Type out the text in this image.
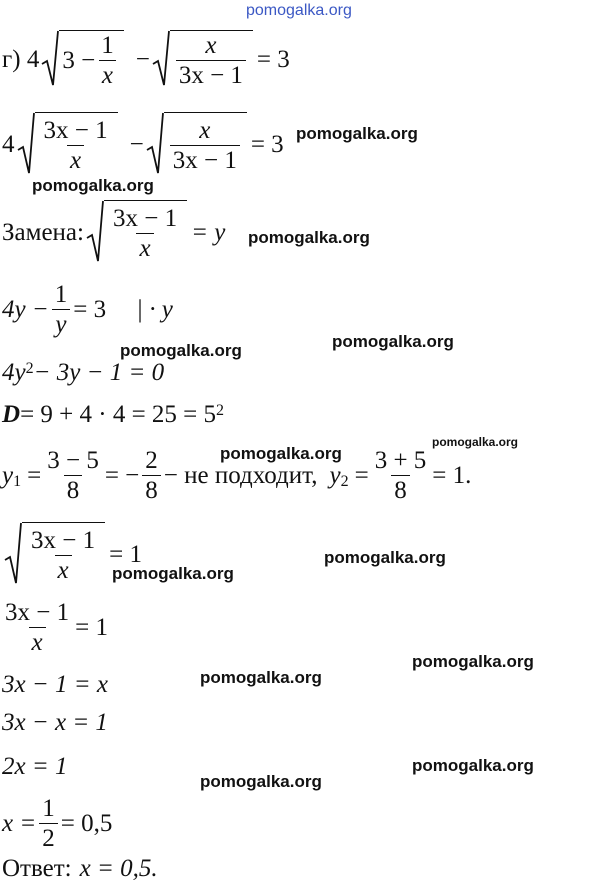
pomogalka.org
pomogalka.org
pomogalka.org
pomogalka.org
pomogalka.org	pomogalka.org
pomogalka.org
pomogalka.org
pomogalka.org
pomogalka.org
pomogalka.org
pomogalka.org
pomogalka.org
pomogalka.org
г) 4 $3 - \frac{1}{x} - \frac{x}{3x - 1} = 3$
$4 \frac{3x - 1}{x} - \frac{x}{3x - 1} = 3$
Замена: $\frac{3x - 1}{x} = y$
$4y - \frac{1}{y} = 3$ | · y
$4y^2 - 3y - 1 = 0$
$D = 9 + 4 \cdot 4 = 25 = 5^2$
$y_1 = \frac{3 - 5}{8}$ = − $\frac{2}{8}$ − не подходит, $y_2 = \frac{3 + 5}{8} = 1$.
$\frac{3x - 1}{x} = 1$
$\frac{3x - 1}{x} = 1$
3x − 1 = x
3x − x = 1
2x = 1
$x = \frac{1}{2} = 0,5$
Ответ: x = 0,5.
